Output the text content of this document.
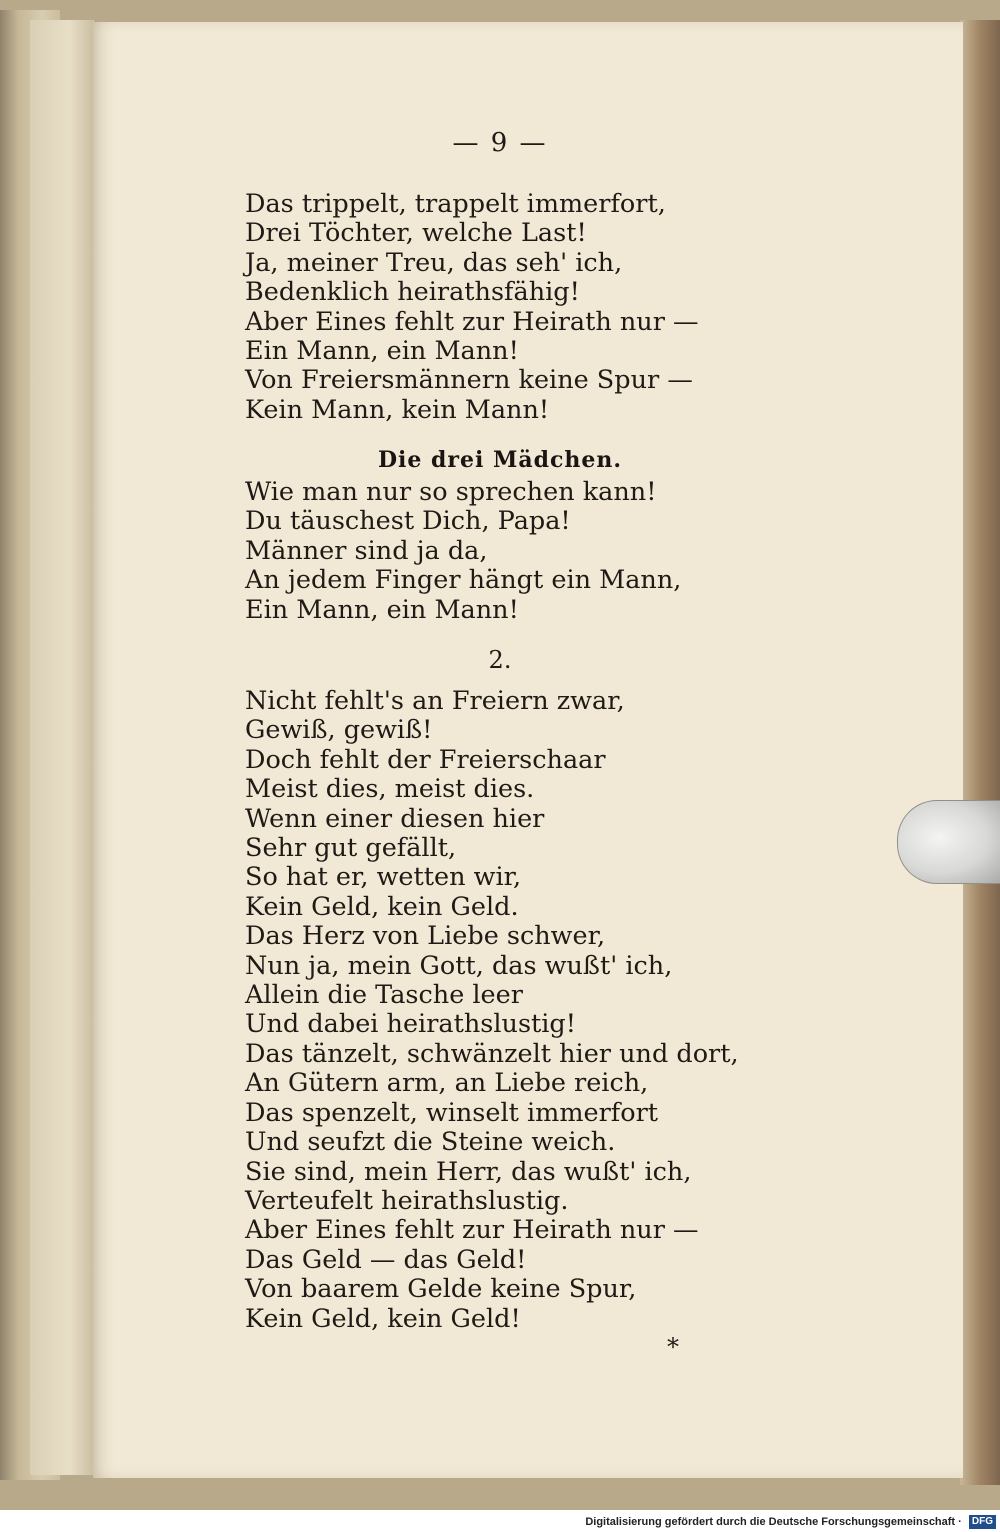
— 9 —
Das trippelt, trappelt immerfort,
Drei Töchter, welche Last!
Ja, meiner Treu, das seh' ich,
Bedenklich heirathsfähig!
Aber Eines fehlt zur Heirath nur —
Ein Mann, ein Mann!
Von Freiersmännern keine Spur —
Kein Mann, kein Mann!
Die drei Mädchen.
Wie man nur so sprechen kann!
Du täuschest Dich, Papa!
Männer sind ja da,
An jedem Finger hängt ein Mann,
Ein Mann, ein Mann!
2.
Nicht fehlt's an Freiern zwar,
Gewiß, gewiß!
Doch fehlt der Freierschaar
Meist dies, meist dies.
Wenn einer diesen hier
Sehr gut gefällt,
So hat er, wetten wir,
Kein Geld, kein Geld.
Das Herz von Liebe schwer,
Nun ja, mein Gott, das wußt' ich,
Allein die Tasche leer
Und dabei heirathslustig!
Das tänzelt, schwänzelt hier und dort,
An Gütern arm, an Liebe reich,
Das spenzelt, winselt immerfort
Und seufzt die Steine weich.
Sie sind, mein Herr, das wußt' ich,
Verteufelt heirathslustig.
Aber Eines fehlt zur Heirath nur —
Das Geld — das Geld!
Von baarem Gelde keine Spur,
Kein Geld, kein Geld!
*
Digitalisierung gefördert durch die Deutsche Forschungsgemeinschaft · DFG
